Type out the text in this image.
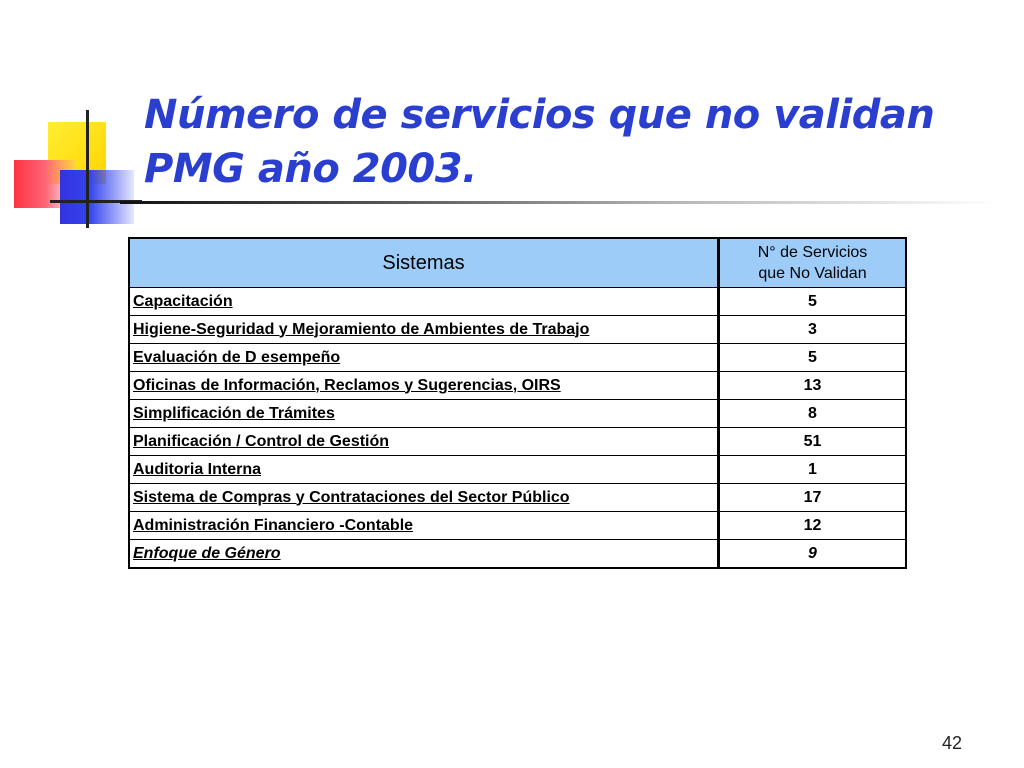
Número de servicios que no validan
PMG año 2003.
Sistemas	N° de Servicios
que No Validan
Capacitación	5
Higiene-Seguridad y Mejoramiento de Ambientes de Trabajo	3
Evaluación de D esempeño	5
Oficinas de Información, Reclamos y Sugerencias, OIRS	13
Simplificación de Trámites	8
Planificación / Control de Gestión	51
Auditoria Interna	1
Sistema de Compras y Contrataciones del Sector Público	17
Administración Financiero -Contable	12
Enfoque de Género	9
42
